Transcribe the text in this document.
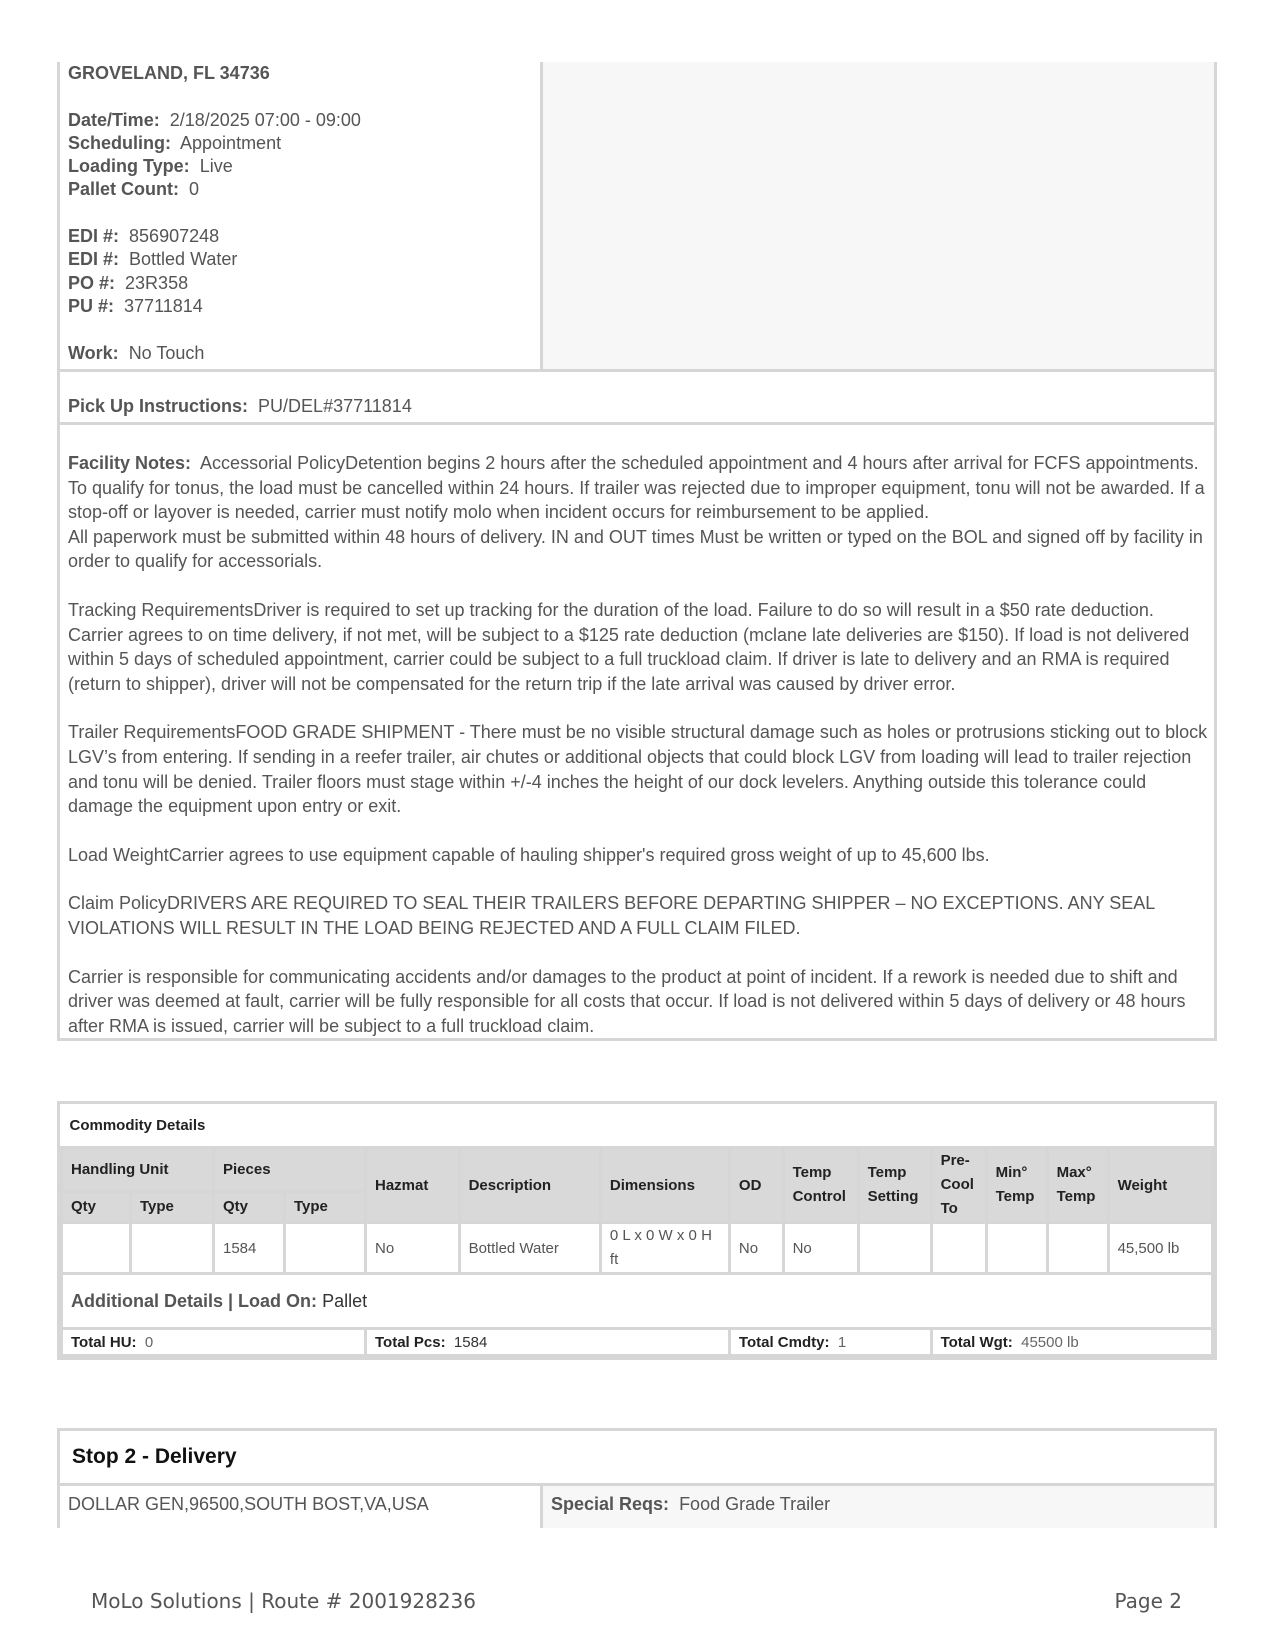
GROVELAND, FL 34736
Date/Time: 2/18/2025 07:00 - 09:00
Scheduling: Appointment
Loading Type: Live
Pallet Count: 0
EDI #: 856907248
EDI #: Bottled Water
PO #: 23R358
PU #: 37711814
Work: No Touch
Pick Up Instructions: PU/DEL#37711814

Facility Notes: Accessorial PolicyDetention begins 2 hours after the scheduled appointment and 4 hours after arrival for FCFS appointments. To qualify for tonus, the load must be cancelled within 24 hours. If trailer was rejected due to improper equipment, tonu will not be awarded. If a stop-off or layover is needed, carrier must notify molo when incident occurs for reimbursement to be applied.

All paperwork must be submitted within 48 hours of delivery. IN and OUT times Must be written or typed on the BOL and signed off by facility in order to qualify for accessorials.

Tracking RequirementsDriver is required to set up tracking for the duration of the load. Failure to do so will result in a $50 rate deduction. Carrier agrees to on time delivery, if not met, will be subject to a $125 rate deduction (mclane late deliveries are $150). If load is not delivered within 5 days of scheduled appointment, carrier could be subject to a full truckload claim. If driver is late to delivery and an RMA is required (return to shipper), driver will not be compensated for the return trip if the late arrival was caused by driver error.

Trailer RequirementsFOOD GRADE SHIPMENT - There must be no visible structural damage such as holes or protrusions sticking out to block LGV’s from entering. If sending in a reefer trailer, air chutes or additional objects that could block LGV from loading will lead to trailer rejection and tonu will be denied. Trailer floors must stage within +/-4 inches the height of our dock levelers. Anything outside this tolerance could damage the equipment upon entry or exit.

Load WeightCarrier agrees to use equipment capable of hauling shipper's required gross weight of up to 45,600 lbs.

Claim PolicyDRIVERS ARE REQUIRED TO SEAL THEIR TRAILERS BEFORE DEPARTING SHIPPER – NO EXCEPTIONS. ANY SEAL VIOLATIONS WILL RESULT IN THE LOAD BEING REJECTED AND A FULL CLAIM FILED.

Carrier is responsible for communicating accidents and/or damages to the product at point of incident. If a rework is needed due to shift and driver was deemed at fault, carrier will be fully responsible for all costs that occur. If load is not delivered within 5 days of delivery or 48 hours after RMA is issued, carrier will be subject to a full truckload claim.

Commodity Details													
Handling Unit		Pieces		Hazmat	Description	Dimensions	OD	Temp Control	Temp Setting	Pre-Cool To	Min° Temp	Max° Temp	Weight
Qty	Type	Qty	Type										
		1584		No	Bottled Water	0 L x 0 W x 0 H ft	No	No					45,500 lb
Additional Details | Load On: Pallet													
Total HU: 0				Total Pcs: 1584			Total Cmdty: 1			Total Wgt: 45500 lb			
Stop 2 - Delivery
DOLLAR GEN,96500,SOUTH BOST,VA,USA	Special Reqs: Food Grade Trailer
MoLo Solutions | Route # 2001928236	Page 2
